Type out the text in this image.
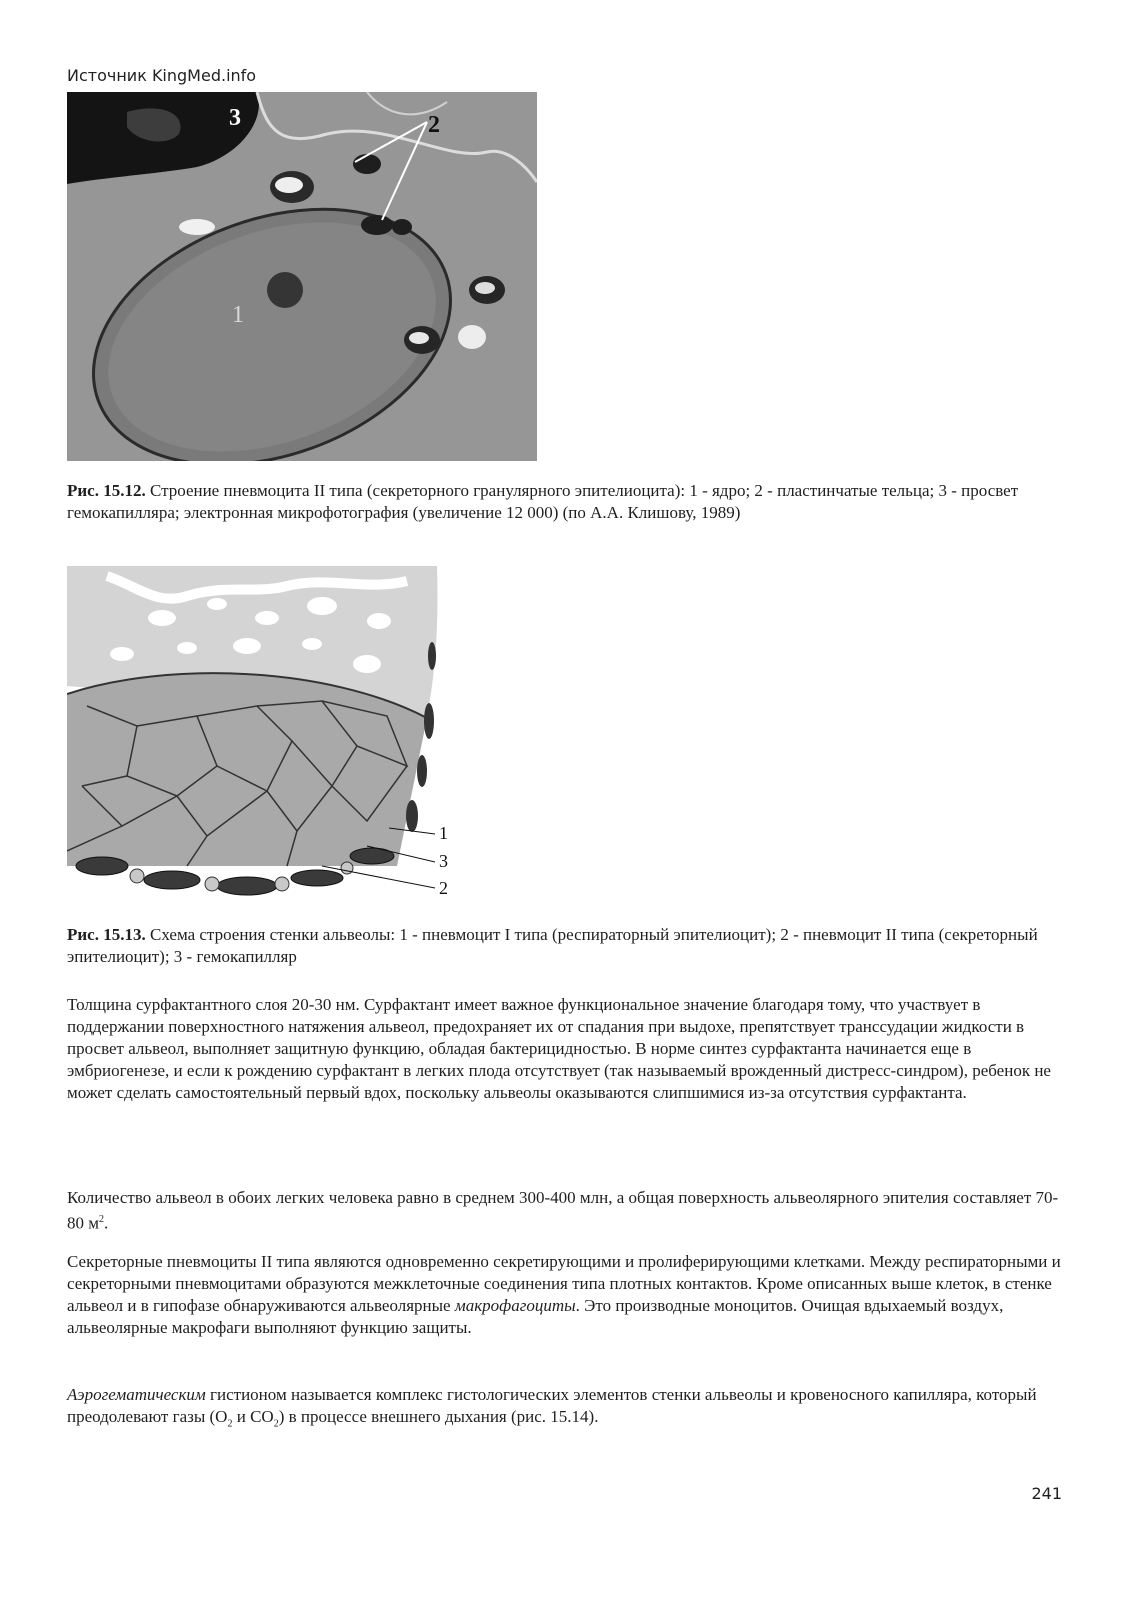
Источник KingMed.info
3	2
1

Рис. 15.12. Строение пневмоцита II типа (секреторного гранулярного эпителиоцита): 1 - ядро; 2 - пластинчатые тельца; 3 - просвет гемокапилляра; электронная микрофотография (увеличение 12 000) (по А.А. Клишову, 1989)

1
3
2

Рис. 15.13. Схема строения стенки альвеолы: 1 - пневмоцит I типа (респираторный эпителиоцит); 2 - пневмоцит II типа (секреторный эпителиоцит); 3 - гемокапилляр

Толщина сурфактантного слоя 20-30 нм. Сурфактант имеет важное функциональное значение благодаря тому, что участвует в поддержании поверхностного натяжения альвеол, предохраняет их от спадания при выдохе, препятствует транссудации жидкости в просвет альвеол, выполняет защитную функцию, обладая бактерицидностью. В норме синтез сурфактанта начинается еще в эмбриогенезе, и если к рождению сурфактант в легких плода отсутствует (так называемый врожденный дистресс-синдром), ребенок не может сделать самостоятельный первый вдох, поскольку альвеолы оказываются слипшимися из-за отсутствия сурфактанта.

Количество альвеол в обоих легких человека равно в среднем 300-400 млн, а общая поверхность альвеолярного эпителия составляет 70-80 $м^2$.

Секреторные пневмоциты II типа являются одновременно секретирующими и пролиферирующими клетками. Между респираторными и секреторными пневмоцитами образуются межклеточные соединения типа плотных контактов. Кроме описанных выше клеток, в стенке альвеол и в гипофазе обнаруживаются альвеолярные макрофагоциты. Это производные моноцитов. Очищая вдыхаемый воздух, альвеолярные макрофаги выполняют функцию защиты.

Аэрогематическим гистионом называется комплекс гистологических элементов стенки альвеолы и кровеносного капилляра, который преодолевают газы ($O_2$ и $CO_2$) в процессе внешнего дыхания (рис. 15.14).

241
